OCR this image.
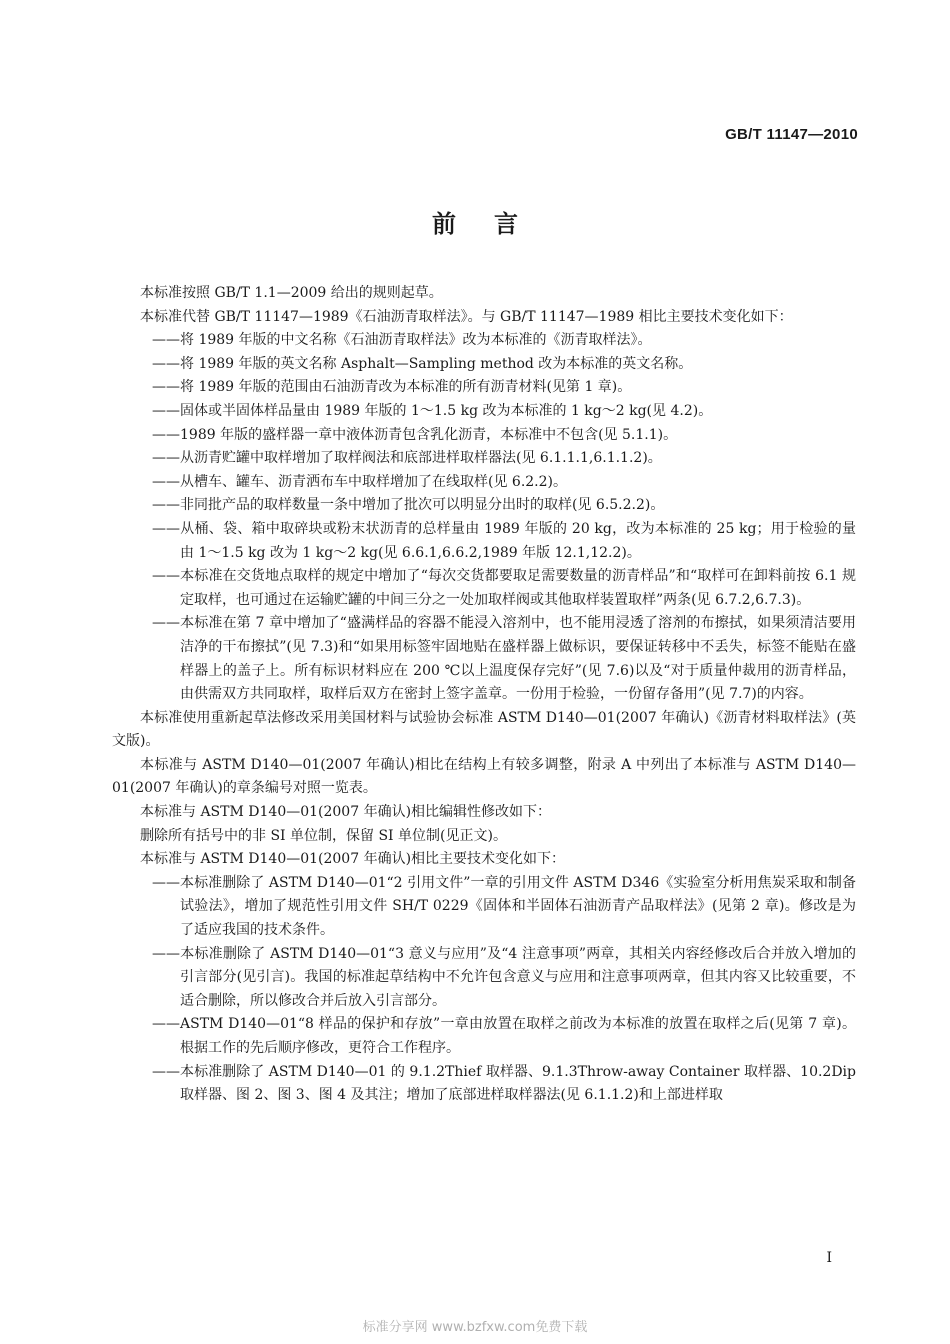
GB/T 11147—2010
前言

本标准按照 GB/T 1.1—2009 给出的规则起草。

本标准代替 GB/T 11147—1989《石油沥青取样法》。与 GB/T 11147—1989 相比主要技术变化如下：

——将 1989 年版的中文名称《石油沥青取样法》改为本标准的《沥青取样法》。

——将 1989 年版的英文名称 Asphalt—Sampling method 改为本标准的英文名称。

——将 1989 年版的范围由石油沥青改为本标准的所有沥青材料(见第 1 章)。

——固体或半固体样品量由 1989 年版的 1～1.5 kg 改为本标准的 1 kg～2 kg(见 4.2)。

——1989 年版的盛样器一章中液体沥青包含乳化沥青，本标准中不包含(见 5.1.1)。

——从沥青贮罐中取样增加了取样阀法和底部进样取样器法(见 6.1.1.1,6.1.1.2)。

——从槽车、罐车、沥青洒布车中取样增加了在线取样(见 6.2.2)。

——非同批产品的取样数量一条中增加了批次可以明显分出时的取样(见 6.5.2.2)。

——从桶、袋、箱中取碎块或粉末状沥青的总样量由 1989 年版的 20 kg，改为本标准的 25 kg；用于检验的量由 1～1.5 kg 改为 1 kg～2 kg(见 6.6.1,6.6.2,1989 年版 12.1,12.2)。

——本标准在交货地点取样的规定中增加了“每次交货都要取足需要数量的沥青样品”和“取样可在卸料前按 6.1 规定取样，也可通过在运输贮罐的中间三分之一处加取样阀或其他取样装置取样”两条(见 6.7.2,6.7.3)。

——本标准在第 7 章中增加了“盛满样品的容器不能浸入溶剂中，也不能用浸透了溶剂的布擦拭，如果须清洁要用洁净的干布擦拭”(见 7.3)和“如果用标签牢固地贴在盛样器上做标识，要保证转移中不丢失，标签不能贴在盛样器上的盖子上。所有标识材料应在 200 ℃以上温度保存完好”(见 7.6)以及“对于质量仲裁用的沥青样品，由供需双方共同取样，取样后双方在密封上签字盖章。一份用于检验，一份留存备用”(见 7.7)的内容。

本标准使用重新起草法修改采用美国材料与试验协会标准 ASTM D140—01(2007 年确认)《沥青材料取样法》(英文版)。

本标准与 ASTM D140—01(2007 年确认)相比在结构上有较多调整，附录 A 中列出了本标准与 ASTM D140—01(2007 年确认)的章条编号对照一览表。

本标准与 ASTM D140—01(2007 年确认)相比编辑性修改如下：

删除所有括号中的非 SI 单位制，保留 SI 单位制(见正文)。

本标准与 ASTM D140—01(2007 年确认)相比主要技术变化如下：

——本标准删除了 ASTM D140—01“2 引用文件”一章的引用文件 ASTM D346《实验室分析用焦炭采取和制备试验法》，增加了规范性引用文件 SH/T 0229《固体和半固体石油沥青产品取样法》(见第 2 章)。修改是为了适应我国的技术条件。

——本标准删除了 ASTM D140—01“3 意义与应用”及“4 注意事项”两章，其相关内容经修改后合并放入增加的引言部分(见引言)。我国的标准起草结构中不允许包含意义与应用和注意事项两章，但其内容又比较重要，不适合删除，所以修改合并后放入引言部分。

——ASTM D140—01“8 样品的保护和存放”一章由放置在取样之前改为本标准的放置在取样之后(见第 7 章)。根据工作的先后顺序修改，更符合工作程序。

——本标准删除了 ASTM D140—01 的 9.1.2Thief 取样器、9.1.3Throw-away Container 取样器、10.2Dip 取样器、图 2、图 3、图 4 及其注；增加了底部进样取样器法(见 6.1.1.2)和上部进样取

I
标准分享网 www.bzfxw.com免费下载
